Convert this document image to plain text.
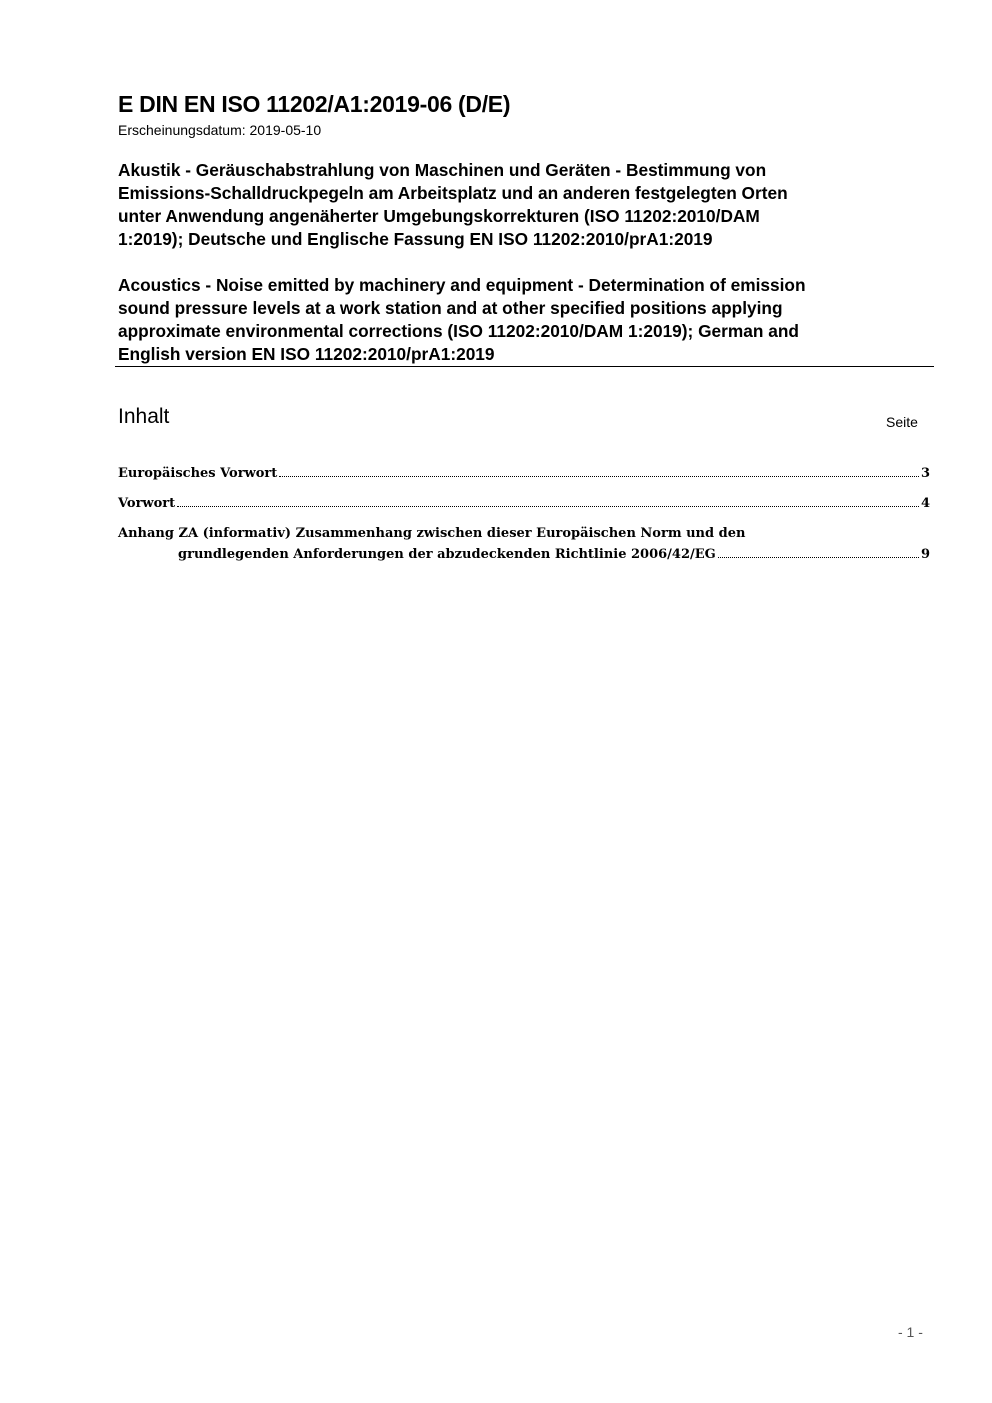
E DIN EN ISO 11202/A1:2019-06 (D/E)
Erscheinungsdatum: 2019-05-10
Akustik - Geräuschabstrahlung von Maschinen und Geräten - Bestimmung von
Emissions-Schalldruckpegeln am Arbeitsplatz und an anderen festgelegten Orten
unter Anwendung angenäherter Umgebungskorrekturen (ISO 11202:2010/DAM
1:2019); Deutsche und Englische Fassung EN ISO 11202:2010/prA1:2019
Acoustics - Noise emitted by machinery and equipment - Determination of emission
sound pressure levels at a work station and at other specified positions applying
approximate environmental corrections (ISO 11202:2010/DAM 1:2019); German and
English version EN ISO 11202:2010/prA1:2019
Inhalt	Seite
Europäisches Vorwort	3
Vorwort	4
Anhang ZA (informativ) Zusammenhang zwischen dieser Europäischen Norm und den
grundlegenden Anforderungen der abzudeckenden Richtlinie 2006/42/EG	9
- 1 -
